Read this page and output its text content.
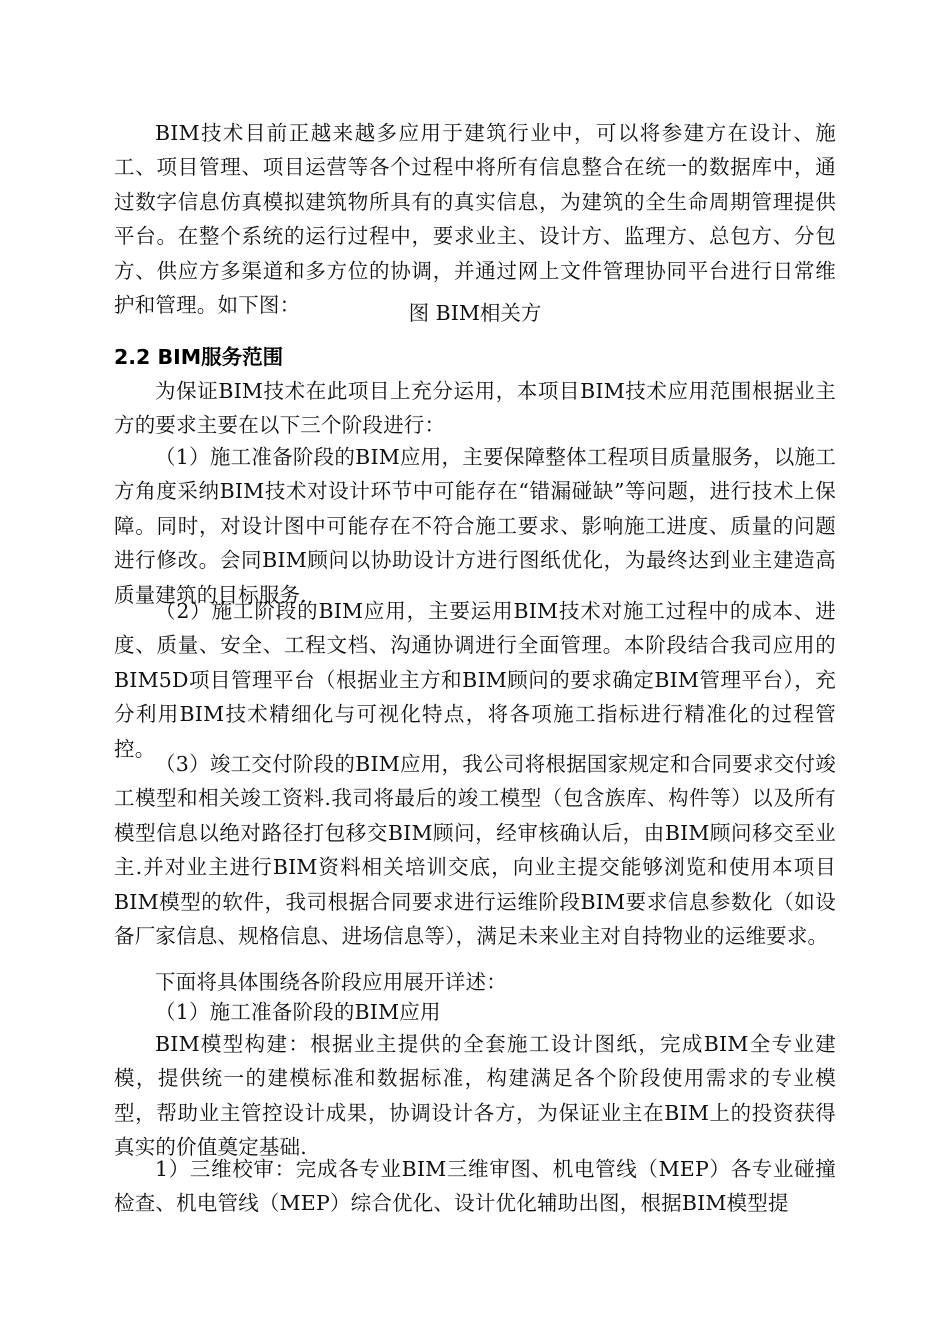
BIM技术目前正越来越多应用于建筑行业中，可以将参建方在设计、施工、项目管理、项目运营等各个过程中将所有信息整合在统一的数据库中，通过数字信息仿真模拟建筑物所具有的真实信息，为建筑的全生命周期管理提供平台。在整个系统的运行过程中，要求业主、设计方、监理方、总包方、分包方、供应方多渠道和多方位的协调，并通过网上文件管理协同平台进行日常维护和管理。如下图：	图 BIM相关方
2.2 BIM服务范围

为保证BIM技术在此项目上充分运用，本项目BIM技术应用范围根据业主方的要求主要在以下三个阶段进行：

（1）施工准备阶段的BIM应用，主要保障整体工程项目质量服务，以施工方角度采纳BIM技术对设计环节中可能存在“错漏碰缺”等问题，进行技术上保障。同时，对设计图中可能存在不符合施工要求、影响施工进度、质量的问题进行修改。会同BIM顾问以协助设计方进行图纸优化，为最终达到业主建造高质量建筑的目标服务.

（2）施工阶段的BIM应用，主要运用BIM技术对施工过程中的成本、进度、质量、安全、工程文档、沟通协调进行全面管理。本阶段结合我司应用的BIM5D项目管理平台（根据业主方和BIM顾问的要求确定BIM管理平台），充分利用BIM技术精细化与可视化特点，将各项施工指标进行精准化的过程管控。

（3）竣工交付阶段的BIM应用，我公司将根据国家规定和合同要求交付竣工模型和相关竣工资料.我司将最后的竣工模型（包含族库、构件等）以及所有模型信息以绝对路径打包移交BIM顾问，经审核确认后，由BIM顾问移交至业主.并对业主进行BIM资料相关培训交底，向业主提交能够浏览和使用本项目BIM模型的软件，我司根据合同要求进行运维阶段BIM要求信息参数化（如设备厂家信息、规格信息、进场信息等），满足未来业主对自持物业的运维要求。

下面将具体围绕各阶段应用展开详述：

（1）施工准备阶段的BIM应用

BIM模型构建：根据业主提供的全套施工设计图纸，完成BIM全专业建模，提供统一的建模标准和数据标准，构建满足各个阶段使用需求的专业模型，帮助业主管控设计成果，协调设计各方，为保证业主在BIM上的投资获得真实的价值奠定基础.

1）三维校审：完成各专业BIM三维审图、机电管线（MEP）各专业碰撞检查、机电管线（MEP）综合优化、设计优化辅助出图，根据BIM模型提
